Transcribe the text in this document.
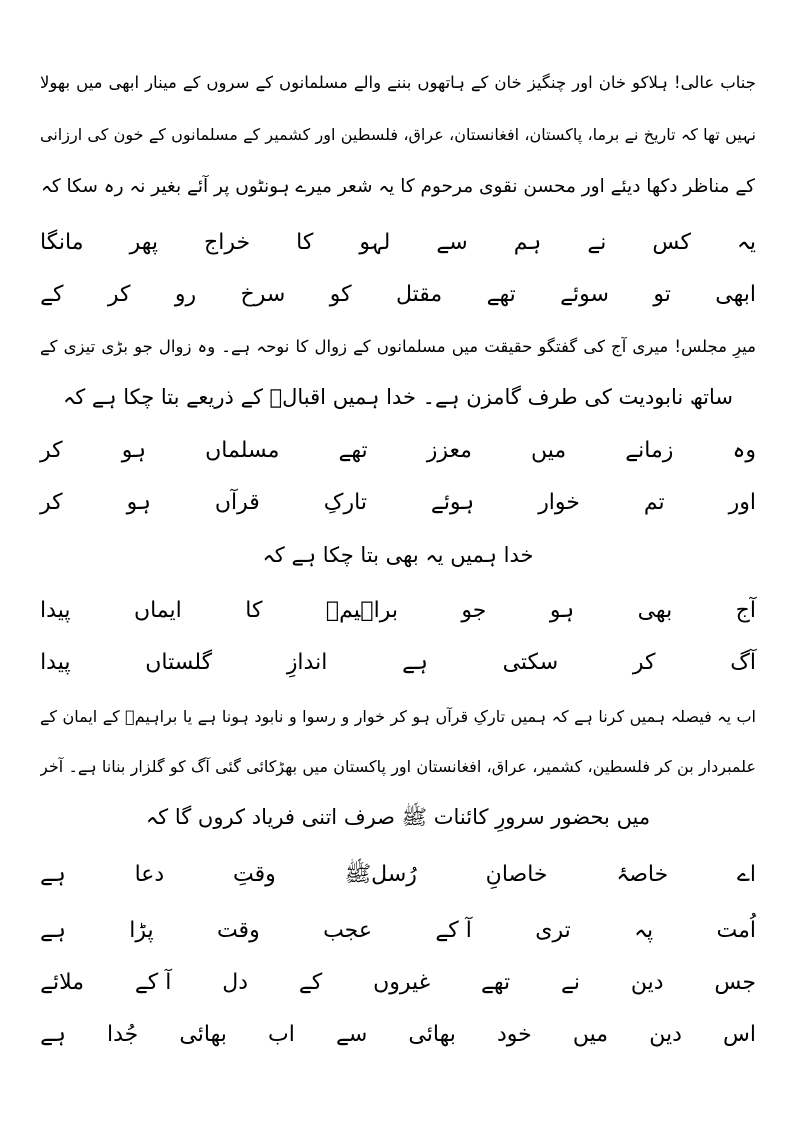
جناب عالی! ہلاکو خان اور چنگیز خان کے ہاتھوں بننے والے مسلمانوں کے سروں کے مینار ابھی میں بھولا
نہیں تھا کہ تاریخ نے برما، پاکستان، افغانستان، عراق، فلسطین اور کشمیر کے مسلمانوں کے خون کی ارزانی
کے مناظر دکھا دیئے اور محسن نقوی مرحوم کا یہ شعر میرے ہونٹوں پر آئے بغیر نہ رہ سکا کہ
یہ
کس
نے
ہم
سے
لہو
کا
خراج
پھر
مانگا
ابھی
تو
سوئے
تھے
مقتل
کو
سرخ
رو
کر
کے
میرِ مجلس! میری آج کی گفتگو حقیقت میں مسلمانوں کے زوال کا نوحہ ہے۔ وہ زوال جو بڑی تیزی کے
ساتھ نابودیت کی طرف گامزن ہے۔ خدا ہمیں اقبالؒ کے ذریعے بتا چکا ہے کہ
وہ
زمانے
میں
معزز
تھے
مسلماں
ہو
کر
اور
تم
خوار
ہوئے
تارکِ
قرآں
ہو
کر
خدا ہمیں یہ بھی بتا چکا ہے کہ
آج
بھی
ہو
جو
براہیمؑ
کا
ایماں
پیدا
آگ
کر
سکتی
ہے
اندازِ
گلستاں
پیدا
اب یہ فیصلہ ہمیں کرنا ہے کہ ہمیں تارکِ قرآں ہو کر خوار و رسوا و نابود ہونا ہے یا براہیمؑ کے ایمان کے
علمبردار بن کر فلسطین، کشمیر، عراق، افغانستان اور پاکستان میں بھڑکائی گئی آگ کو گلزار بنانا ہے۔ آخر
میں بحضور سرورِ کائنات ﷺ صرف اتنی فریاد کروں گا کہ
اے
خاصۂ
خاصانِ
رُسلﷺ
وقتِ
دعا
ہے
اُمت
پہ
تری
آ کے
عجب
وقت
پڑا
ہے
جس
دین
نے
تھے
غیروں
کے
دل
آ کے
ملائے
اس
دین
میں
خود
بھائی
سے
اب
بھائی
جُدا
ہے
